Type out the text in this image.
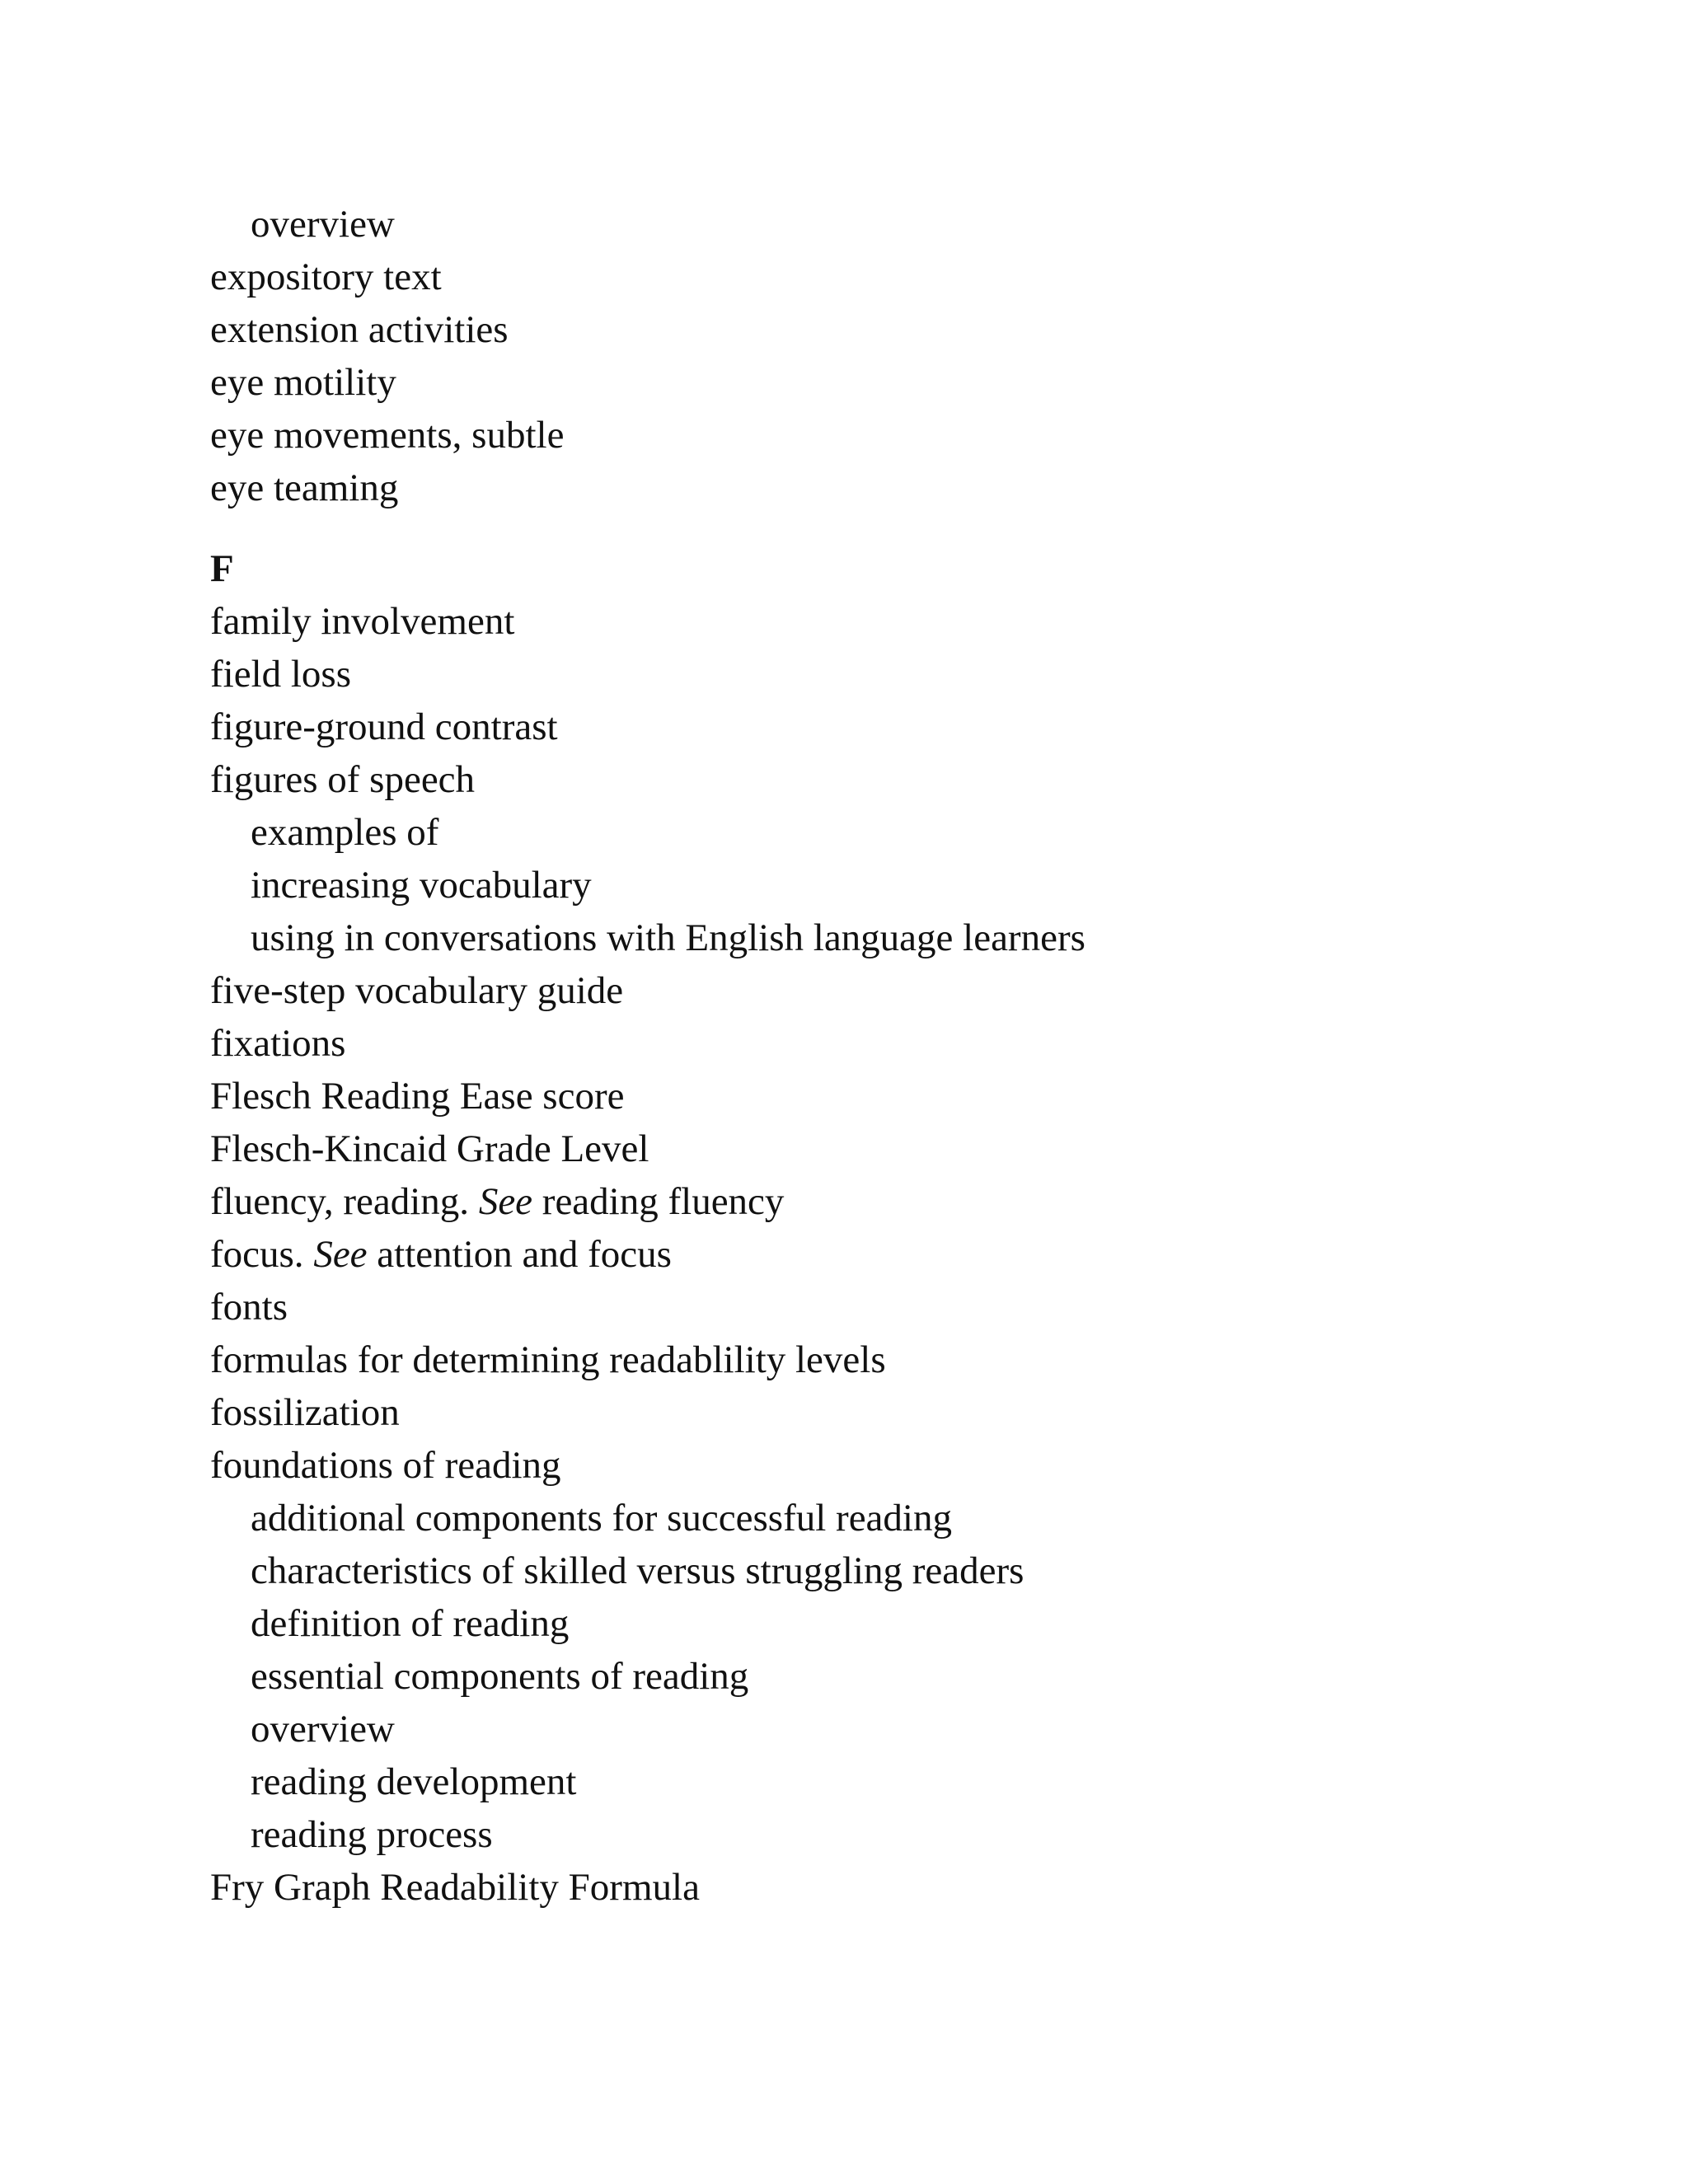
overview
expository text
extension activities
eye motility
eye movements, subtle
eye teaming
F
family involvement
field loss
figure-ground contrast
figures of speech
examples of
increasing vocabulary
using in conversations with English language learners
five-step vocabulary guide
fixations
Flesch Reading Ease score
Flesch-Kincaid Grade Level
fluency, reading. See reading fluency
focus. See attention and focus
fonts
formulas for determining readablility levels
fossilization
foundations of reading
additional components for successful reading
characteristics of skilled versus struggling readers
definition of reading
essential components of reading
overview
reading development
reading process
Fry Graph Readability Formula
